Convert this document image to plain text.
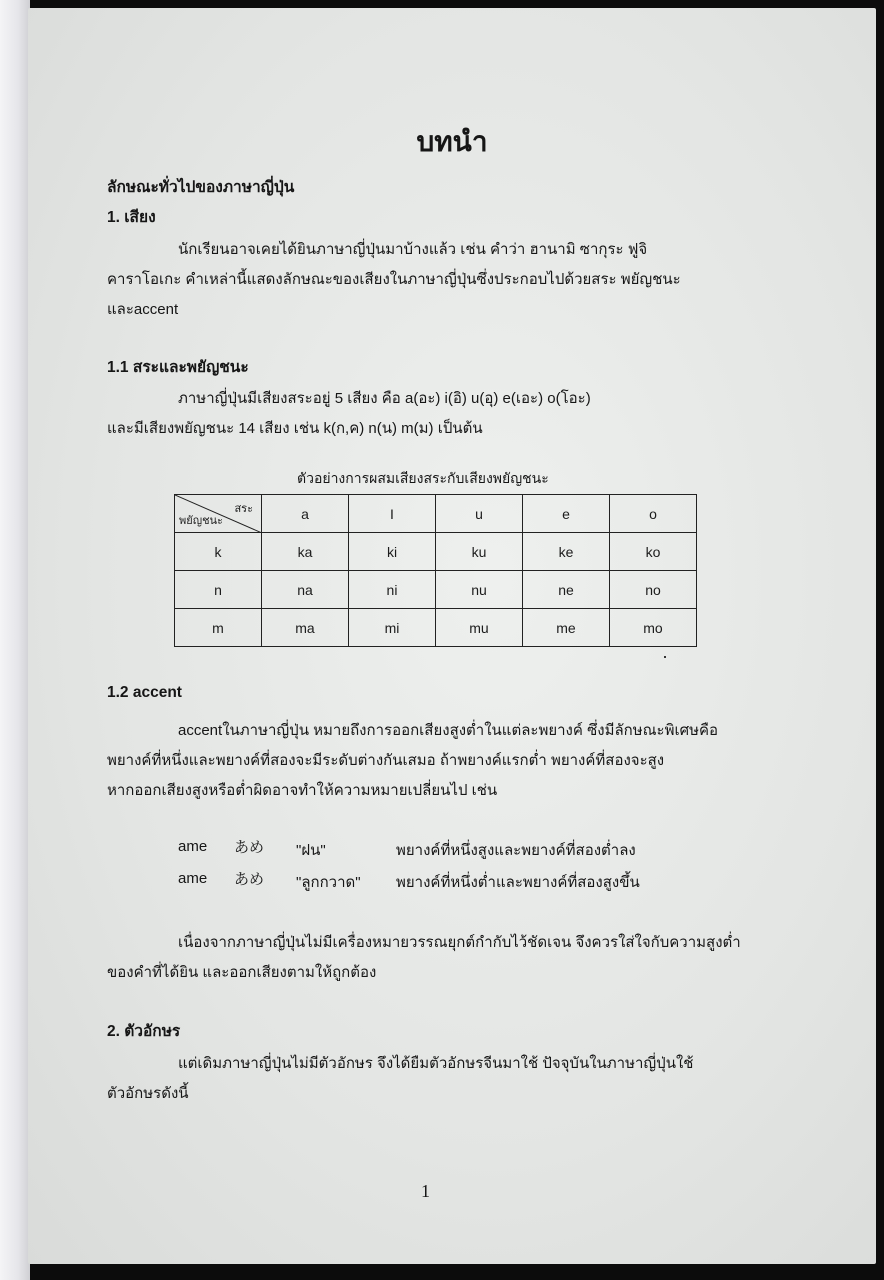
บทนำ
ลักษณะทั่วไปของภาษาญี่ปุ่น
1. เสียง
นักเรียนอาจเคยได้ยินภาษาญี่ปุ่นมาบ้างแล้ว เช่น คำว่า ฮานามิ ซากุระ ฟูจิ
คาราโอเกะ คำเหล่านี้แสดงลักษณะของเสียงในภาษาญี่ปุ่นซึ่งประกอบไปด้วยสระ พยัญชนะ
และaccent
1.1 สระและพยัญชนะ
ภาษาญี่ปุ่นมีเสียงสระอยู่ 5 เสียง คือ a(อะ) i(อิ) u(อุ) e(เอะ) o(โอะ)
และมีเสียงพยัญชนะ 14 เสียง เช่น k(ก,ค) n(น) m(ม) เป็นต้น
ตัวอย่างการผสมเสียงสระกับเสียงพยัญชนะ
สระ
พยัญชนะ	a	I	u	e	o
k	ka	ki	ku	ke	ko
n	na	ni	nu	ne	no
m	ma	mi	mu	me	mo
1.2 accent
accentในภาษาญี่ปุ่น หมายถึงการออกเสียงสูงต่ำในแต่ละพยางค์ ซึ่งมีลักษณะพิเศษคือ
พยางค์ที่หนึ่งและพยางค์ที่สองจะมีระดับต่างกันเสมอ ถ้าพยางค์แรกต่ำ พยางค์ที่สองจะสูง
หากออกเสียงสูงหรือต่ำผิดอาจทำให้ความหมายเปลี่ยนไป เช่น
ame あめ "ฝน"	พยางค์ที่หนึ่งสูงและพยางค์ที่สองต่ำลง
ame あめ "ลูกกวาด" พยางค์ที่หนึ่งต่ำและพยางค์ที่สองสูงขึ้น
เนื่องจากภาษาญี่ปุ่นไม่มีเครื่องหมายวรรณยุกต์กำกับไว้ชัดเจน จึงควรใส่ใจกับความสูงต่ำ
ของคำที่ได้ยิน และออกเสียงตามให้ถูกต้อง
2. ตัวอักษร
แต่เดิมภาษาญี่ปุ่นไม่มีตัวอักษร จึงได้ยืมตัวอักษรจีนมาใช้ ปัจจุบันในภาษาญี่ปุ่นใช้
ตัวอักษรดังนี้
1
